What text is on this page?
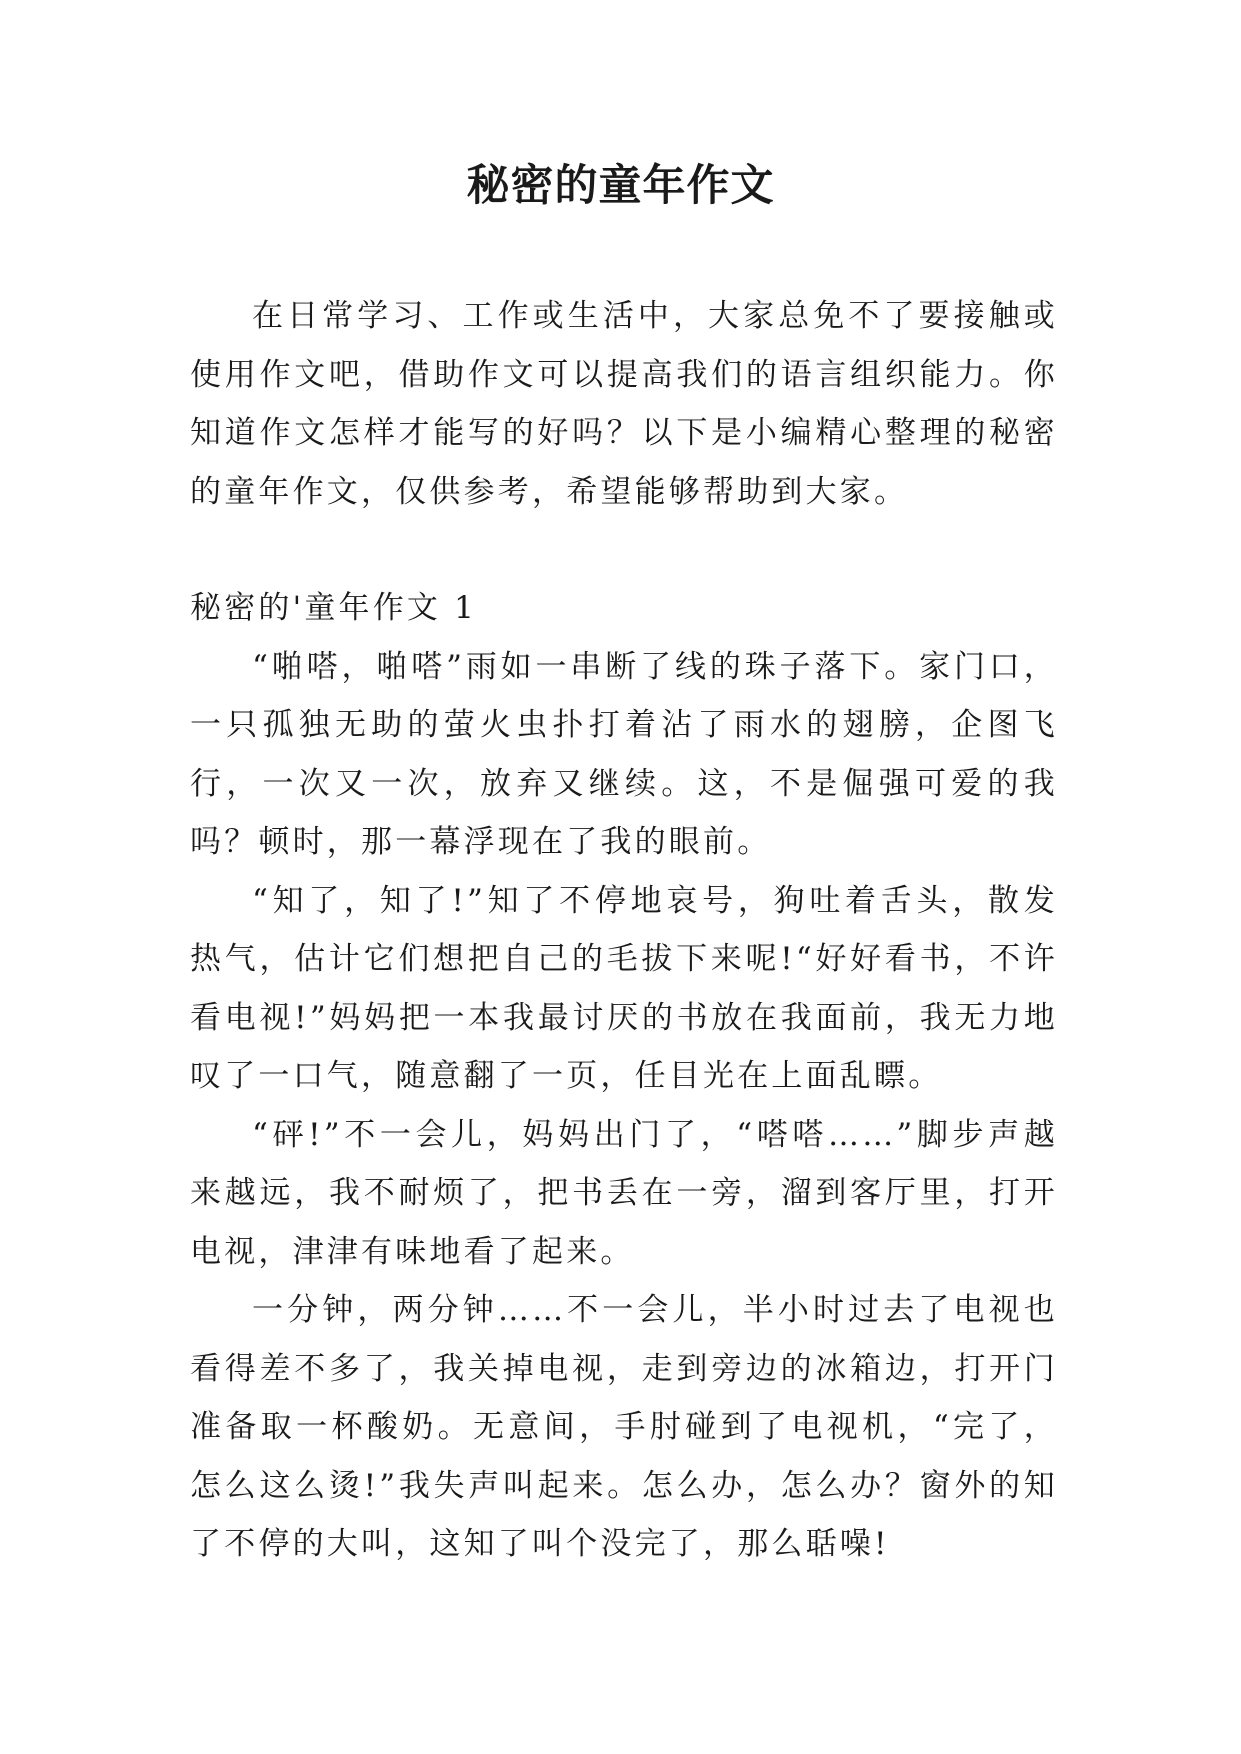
秘密的童年作文

在日常学习、工作或生活中，大家总免不了要接触或使用作文吧，借助作文可以提高我们的语言组织能力。你知道作文怎样才能写的好吗？以下是小编精心整理的秘密的童年作文，仅供参考，希望能够帮助到大家。

秘密的'童年作文 1

“啪嗒，啪嗒”雨如一串断了线的珠子落下。家门口，一只孤独无助的萤火虫扑打着沾了雨水的翅膀，企图飞行，一次又一次，放弃又继续。这，不是倔强可爱的我吗？顿时，那一幕浮现在了我的眼前。

“知了，知了!”知了不停地哀号，狗吐着舌头，散发热气，估计它们想把自己的毛拔下来呢!“好好看书，不许看电视!”妈妈把一本我最讨厌的书放在我面前，我无力地叹了一口气，随意翻了一页，任目光在上面乱瞟。

“砰!”不一会儿，妈妈出门了，“嗒嗒……”脚步声越来越远，我不耐烦了，把书丢在一旁，溜到客厅里，打开电视，津津有味地看了起来。

一分钟，两分钟……不一会儿，半小时过去了电视也看得差不多了，我关掉电视，走到旁边的冰箱边，打开门准备取一杯酸奶。无意间，手肘碰到了电视机，“完了，怎么这么烫!”我失声叫起来。怎么办，怎么办？窗外的知了不停的大叫，这知了叫个没完了，那么聒噪!
